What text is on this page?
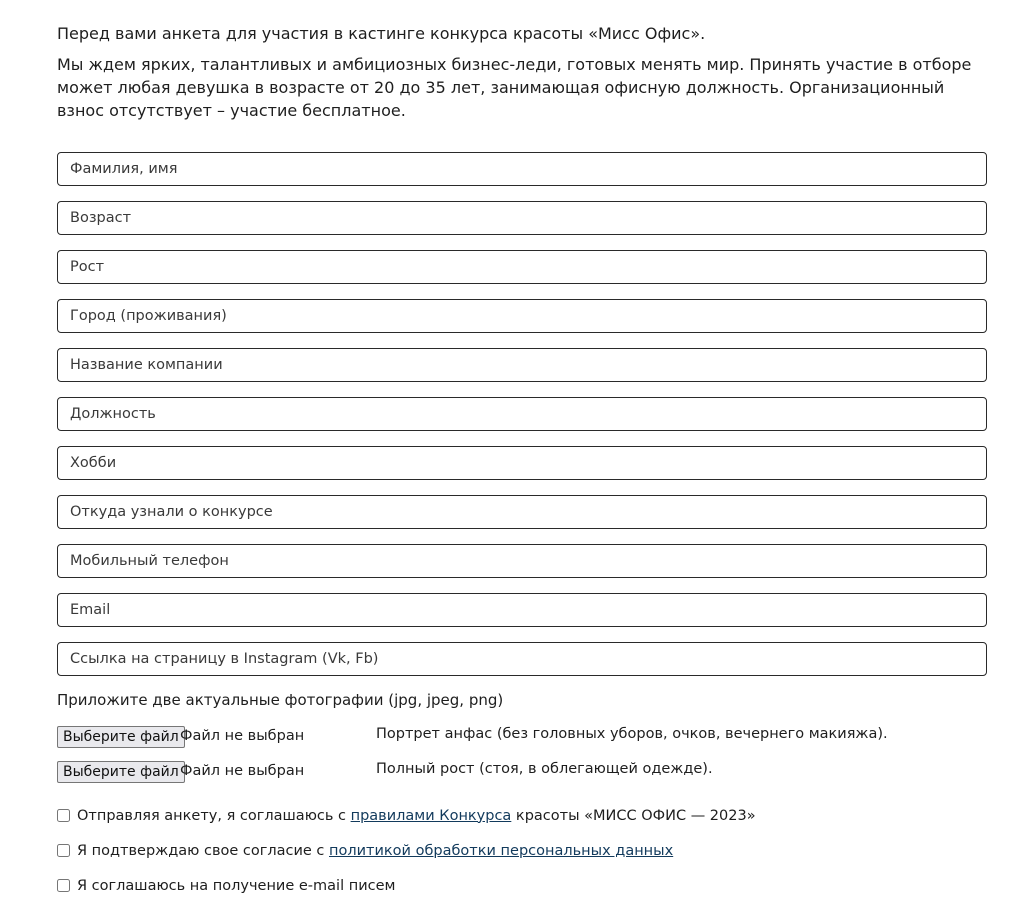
Перед вами анкета для участия в кастинге конкурса красоты «Мисс Офис».

Мы ждем ярких, талантливых и амбициозных бизнес-леди, готовых менять мир. Принять участие в отборе может любая девушка в возрасте от 20 до 35 лет, занимающая офисную должность. Организационный взнос отсутствует – участие бесплатное.

Фамилия, имя
Возраст
Рост
Город (проживания)
Название компании
Должность
Хобби
Откуда узнали о конкурсе
Мобильный телефон
Email
Ссылка на страницу в Instagram (Vk, Fb)
Приложите две актуальные фотографии (jpg, jpeg, png)
Выберите файл Файл не выбран	Портрет анфас (без головных уборов, очков, вечернего макияжа).
Выберите файл Файл не выбран	Полный рост (стоя, в облегающей одежде).
Отправляя анкету, я соглашаюсь с правилами Конкурса красоты «МИСС ОФИС — 2023»
Я подтверждаю свое согласие с политикой обработки персональных данных
Я соглашаюсь на получение e-mail писем
